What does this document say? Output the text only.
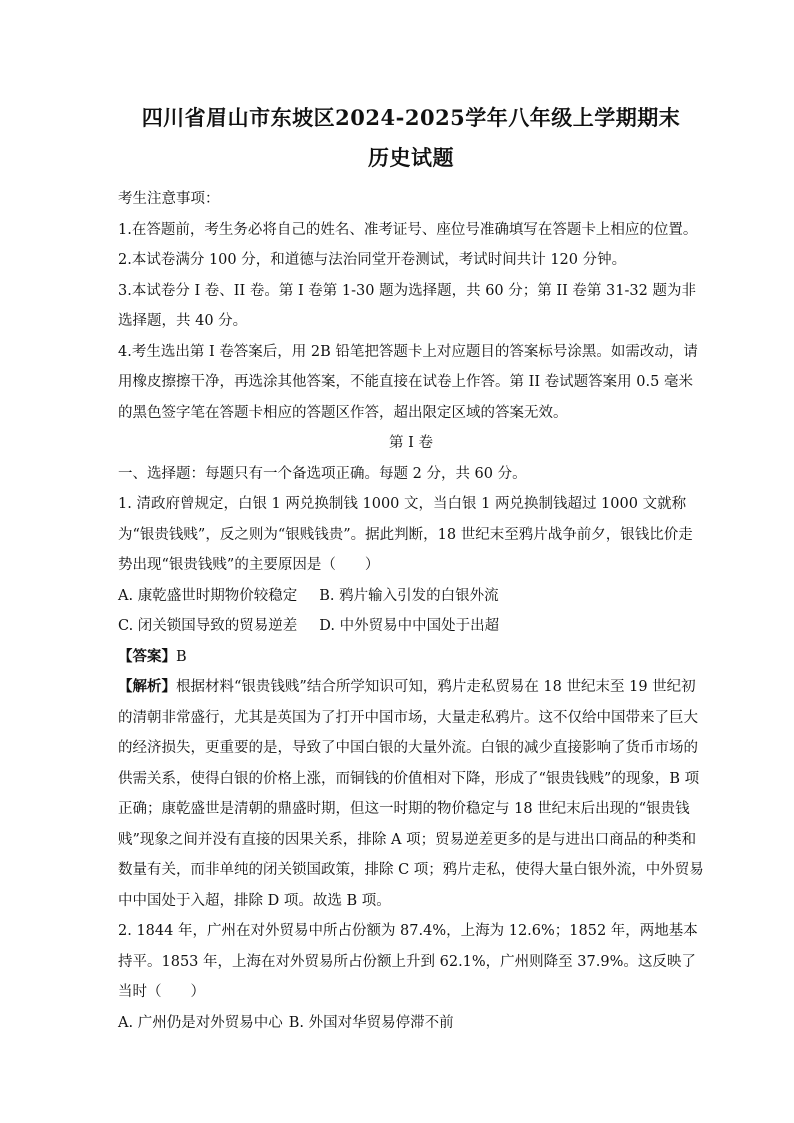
四川省眉山市东坡区2024-2025学年八年级上学期期末
历史试题
考生注意事项：
1.在答题前，考生务必将自己的姓名、准考证号、座位号准确填写在答题卡上相应的位置。
2.本试卷满分 100 分，和道德与法治同堂开卷测试，考试时间共计 120 分钟。
3.本试卷分 I 卷、II 卷。第 I 卷第 1-30 题为选择题，共 60 分；第 II 卷第 31-32 题为非选择题，共 40 分。
4.考生选出第 I 卷答案后，用 2B 铅笔把答题卡上对应题目的答案标号涂黑。如需改动，请用橡皮擦擦干净，再选涂其他答案，不能直接在试卷上作答。第 II 卷试题答案用 0.5 毫米的黑色签字笔在答题卡相应的答题区作答，超出限定区域的答案无效。
第 I 卷
一、选择题：每题只有一个备选项正确。每题 2 分，共 60 分。
1. 清政府曾规定，白银 1 两兑换制钱 1000 文，当白银 1 两兑换制钱超过 1000 文就称为“银贵钱贱”，反之则为“银贱钱贵”。据此判断，18 世纪末至鸦片战争前夕，银钱比价走势出现“银贵钱贱”的主要原因是（　　）
A. 康乾盛世时期物价较稳定 B. 鸦片输入引发的白银外流
C. 闭关锁国导致的贸易逆差 D. 中外贸易中中国处于出超
【答案】B
【解析】根据材料“银贵钱贱”结合所学知识可知，鸦片走私贸易在 18 世纪末至 19 世纪初的清朝非常盛行，尤其是英国为了打开中国市场，大量走私鸦片。这不仅给中国带来了巨大的经济损失，更重要的是，导致了中国白银的大量外流。白银的减少直接影响了货币市场的供需关系，使得白银的价格上涨，而铜钱的价值相对下降，形成了“银贵钱贱”的现象，B 项正确；康乾盛世是清朝的鼎盛时期，但这一时期的物价稳定与 18 世纪末后出现的“银贵钱贱”现象之间并没有直接的因果关系，排除 A 项；贸易逆差更多的是与进出口商品的种类和数量有关，而非单纯的闭关锁国政策，排除 C 项；鸦片走私，使得大量白银外流，中外贸易中中国处于入超，排除 D 项。故选 B 项。
2. 1844 年，广州在对外贸易中所占份额为 87.4%，上海为 12.6%；1852 年，两地基本持平。1853 年，上海在对外贸易所占份额上升到 62.1%，广州则降至 37.9%。这反映了当时（　　）
A. 广州仍是对外贸易中心 B. 外国对华贸易停滞不前
